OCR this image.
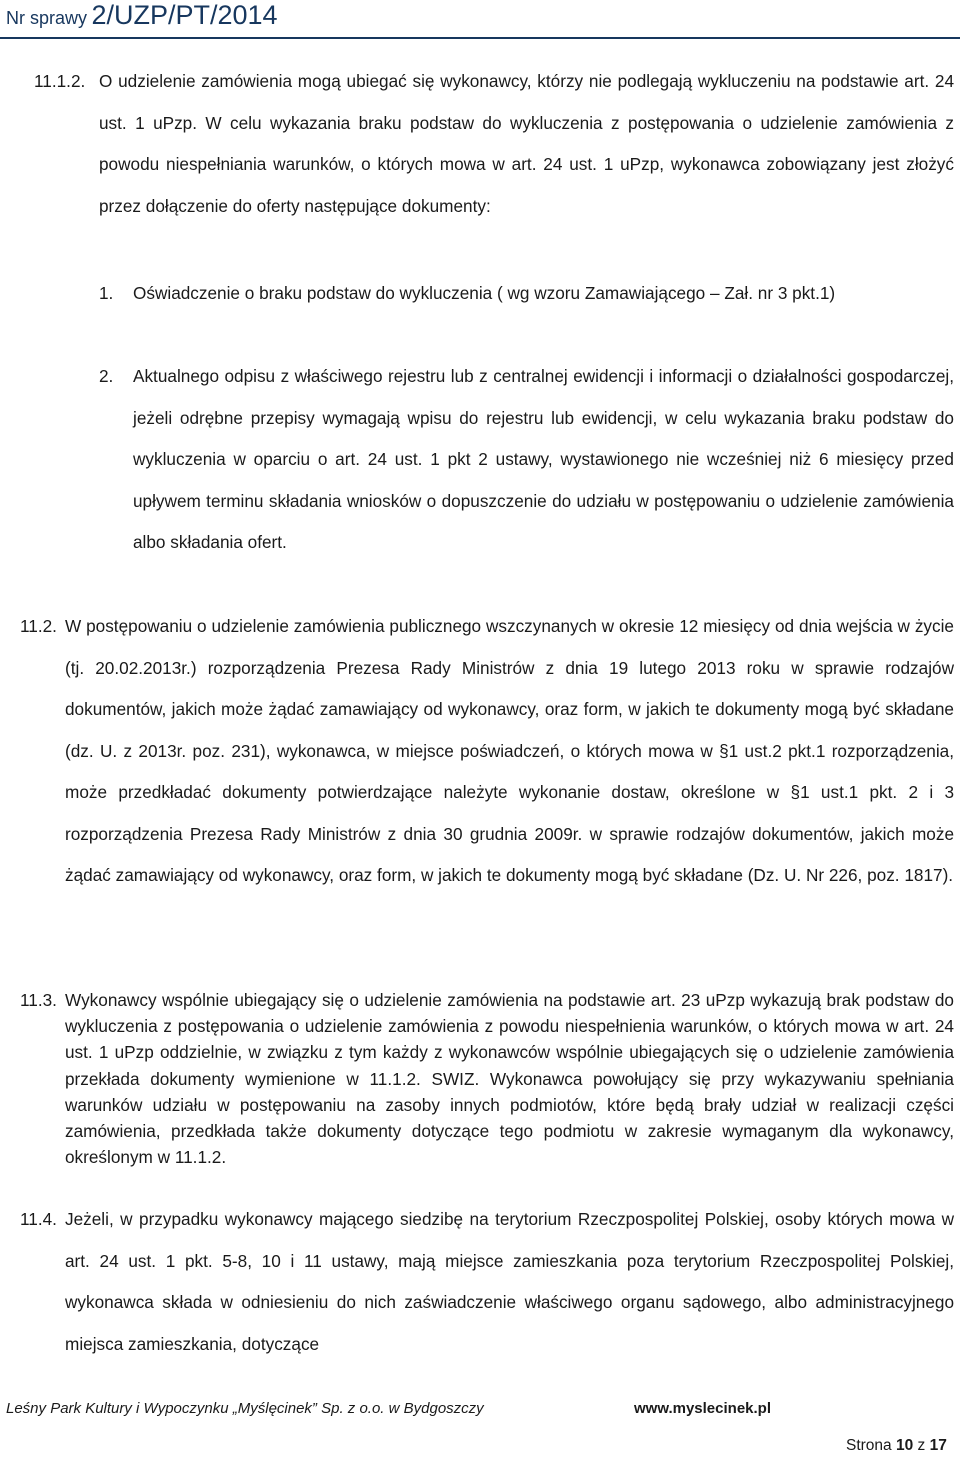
Nr sprawy 2/UZP/PT/2014
11.1.2. O udzielenie zamówienia mogą ubiegać się wykonawcy, którzy nie podlegają wykluczeniu na podstawie art. 24 ust. 1 uPzp. W celu wykazania braku podstaw do wykluczenia z postępowania o udzielenie zamówienia z powodu niespełniania warunków, o których mowa w art. 24 ust. 1 uPzp, wykonawca zobowiązany jest złożyć przez dołączenie do oferty następujące dokumenty:

1. Oświadczenie o braku podstaw do wykluczenia ( wg wzoru Zamawiającego – Zał. nr 3 pkt.1)

2. Aktualnego odpisu z właściwego rejestru lub z centralnej ewidencji i informacji o działalności gospodarczej, jeżeli odrębne przepisy wymagają wpisu do rejestru lub ewidencji, w celu wykazania braku podstaw do wykluczenia w oparciu o art. 24 ust. 1 pkt 2 ustawy, wystawionego nie wcześniej niż 6 miesięcy przed upływem terminu składania wniosków o dopuszczenie do udziału w postępowaniu o udzielenie zamówienia albo składania ofert.

11.2. W postępowaniu o udzielenie zamówienia publicznego wszczynanych w okresie 12 miesięcy od dnia wejścia w życie (tj. 20.02.2013r.) rozporządzenia Prezesa Rady Ministrów z dnia 19 lutego 2013 roku w sprawie rodzajów dokumentów, jakich może żądać zamawiający od wykonawcy, oraz form, w jakich te dokumenty mogą być składane (dz. U. z 2013r. poz. 231), wykonawca, w miejsce poświadczeń, o których mowa w §1 ust.2 pkt.1 rozporządzenia, może przedkładać dokumenty potwierdzające należyte wykonanie dostaw, określone w §1 ust.1 pkt. 2 i 3 rozporządzenia Prezesa Rady Ministrów z dnia 30 grudnia 2009r. w sprawie rodzajów dokumentów, jakich może żądać zamawiający od wykonawcy, oraz form, w jakich te dokumenty mogą być składane (Dz. U. Nr 226, poz. 1817).

11.3. Wykonawcy wspólnie ubiegający się o udzielenie zamówienia na podstawie art. 23 uPzp wykazują brak podstaw do wykluczenia z postępowania o udzielenie zamówienia z powodu niespełnienia warunków, o których mowa w art. 24 ust. 1 uPzp oddzielnie, w związku z tym każdy z wykonawców wspólnie ubiegających się o udzielenie zamówienia przekłada dokumenty wymienione w 11.1.2. SWIZ. Wykonawca powołujący się przy wykazywaniu spełniania warunków udziału w postępowaniu na zasoby innych podmiotów, które będą brały udział w realizacji części zamówienia, przedkłada także dokumenty dotyczące tego podmiotu w zakresie wymaganym dla wykonawcy, określonym w 11.1.2.

11.4. Jeżeli, w przypadku wykonawcy mającego siedzibę na terytorium Rzeczpospolitej Polskiej, osoby których mowa w art. 24 ust. 1 pkt. 5-8, 10 i 11 ustawy, mają miejsce zamieszkania poza terytorium Rzeczpospolitej Polskiej, wykonawca składa w odniesieniu do nich zaświadczenie właściwego organu sądowego, albo administracyjnego miejsca zamieszkania, dotyczące

Leśny Park Kultury i Wypoczynku „Myślęcinek” Sp. z o.o. w Bydgoszczy	www.myslecinek.pl
Strona 10 z 17
